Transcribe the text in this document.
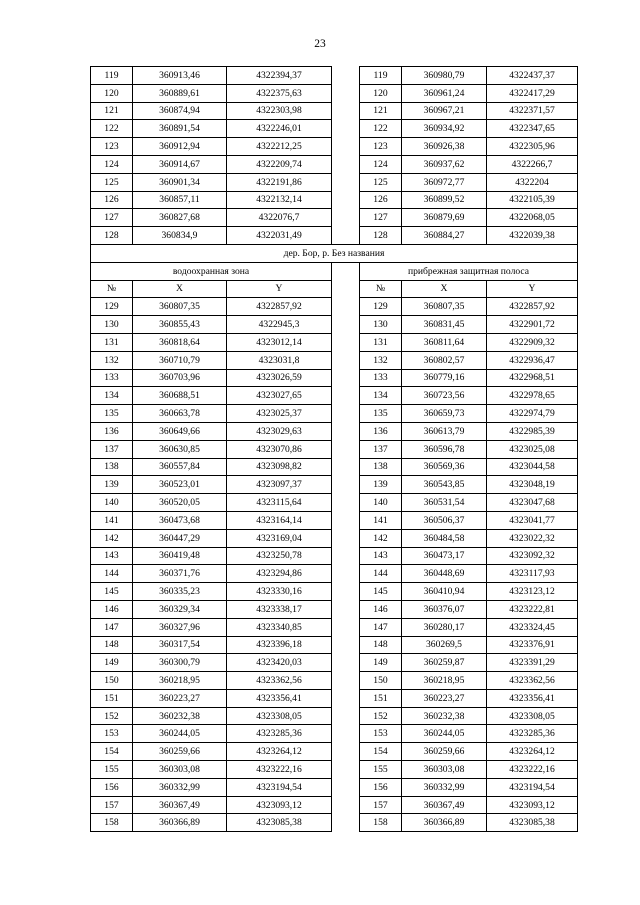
23
119	360913,46	4322394,37		119	360980,79	4322437,37
120	360889,61	4322375,63		120	360961,24	4322417,29
121	360874,94	4322303,98		121	360967,21	4322371,57
122	360891,54	4322246,01		122	360934,92	4322347,65
123	360912,94	4322212,25		123	360926,38	4322305,96
124	360914,67	4322209,74		124	360937,62	4322266,7
125	360901,34	4322191,86		125	360972,77	4322204
126	360857,11	4322132,14		126	360899,52	4322105,39
127	360827,68	4322076,7		127	360879,69	4322068,05
128	360834,9	4322031,49		128	360884,27	4322039,38
дер. Бор, р. Без названия						
водоохранная зона				прибрежная защитная полоса		
№	X	Y		№	X	Y
129	360807,35	4322857,92		129	360807,35	4322857,92
130	360855,43	4322945,3		130	360831,45	4322901,72
131	360818,64	4323012,14		131	360811,64	4322909,32
132	360710,79	4323031,8		132	360802,57	4322936,47
133	360703,96	4323026,59		133	360779,16	4322968,51
134	360688,51	4323027,65		134	360723,56	4322978,65
135	360663,78	4323025,37		135	360659,73	4322974,79
136	360649,66	4323029,63		136	360613,79	4322985,39
137	360630,85	4323070,86		137	360596,78	4323025,08
138	360557,84	4323098,82		138	360569,36	4323044,58
139	360523,01	4323097,37		139	360543,85	4323048,19
140	360520,05	4323115,64		140	360531,54	4323047,68
141	360473,68	4323164,14		141	360506,37	4323041,77
142	360447,29	4323169,04		142	360484,58	4323022,32
143	360419,48	4323250,78		143	360473,17	4323092,32
144	360371,76	4323294,86		144	360448,69	4323117,93
145	360335,23	4323330,16		145	360410,94	4323123,12
146	360329,34	4323338,17		146	360376,07	4323222,81
147	360327,96	4323340,85		147	360280,17	4323324,45
148	360317,54	4323396,18		148	360269,5	4323376,91
149	360300,79	4323420,03		149	360259,87	4323391,29
150	360218,95	4323362,56		150	360218,95	4323362,56
151	360223,27	4323356,41		151	360223,27	4323356,41
152	360232,38	4323308,05		152	360232,38	4323308,05
153	360244,05	4323285,36		153	360244,05	4323285,36
154	360259,66	4323264,12		154	360259,66	4323264,12
155	360303,08	4323222,16		155	360303,08	4323222,16
156	360332,99	4323194,54		156	360332,99	4323194,54
157	360367,49	4323093,12		157	360367,49	4323093,12
158	360366,89	4323085,38		158	360366,89	4323085,38
